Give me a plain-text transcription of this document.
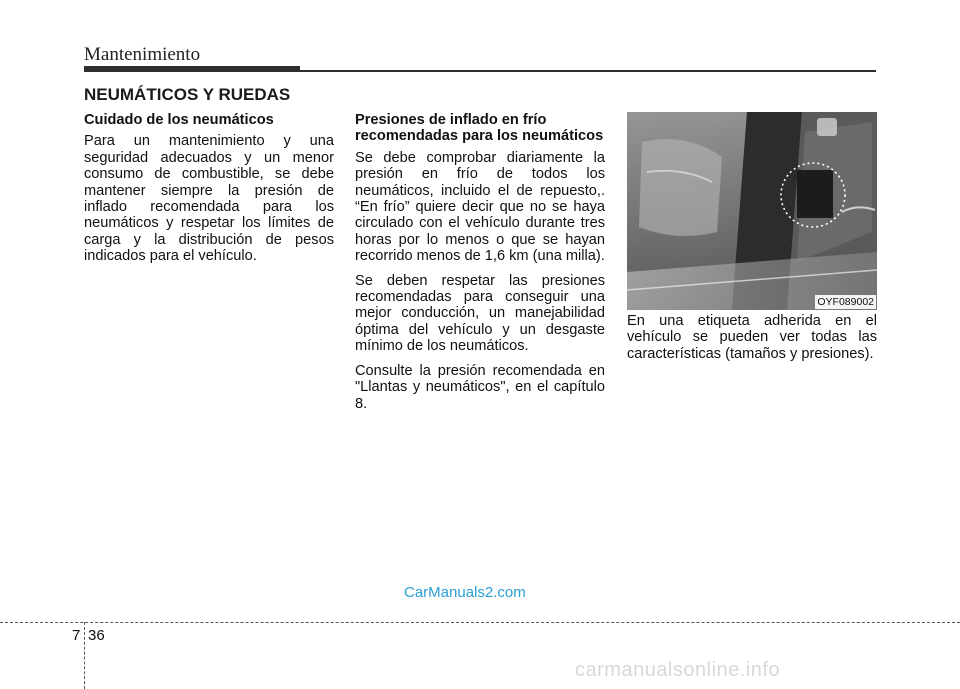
Mantenimiento
NEUMÁTICOS Y RUEDAS
Cuidado de los neumáticos

Para un mantenimiento y una seguridad adecuados y un menor consumo de combustible, se debe mantener siempre la presión de inflado recomendada para los neumáticos y respetar los límites de carga y la distribución de pesos indicados para el vehículo.

Presiones de inflado en frío recomendadas para los neumáticos

Se debe comprobar diariamente la presión en frío de todos los neumáticos, incluido el de repuesto,. “En frío” quiere decir que no se haya circulado con el vehículo durante tres horas por lo menos o que se hayan recorrido menos de 1,6 km (una milla).

Se deben respetar las presiones recomendadas para conseguir una mejor conducción, un manejabilidad óptima del vehículo y un desgaste mínimo de los neumáticos.

Consulte la presión recomendada en "Llantas y neumáticos", en el capítulo 8.

OYF089002

En una etiqueta adherida en el vehículo se pueden ver todas las características (tamaños y presiones).

CarManuals2.com
7 36
carmanualsonline.info
